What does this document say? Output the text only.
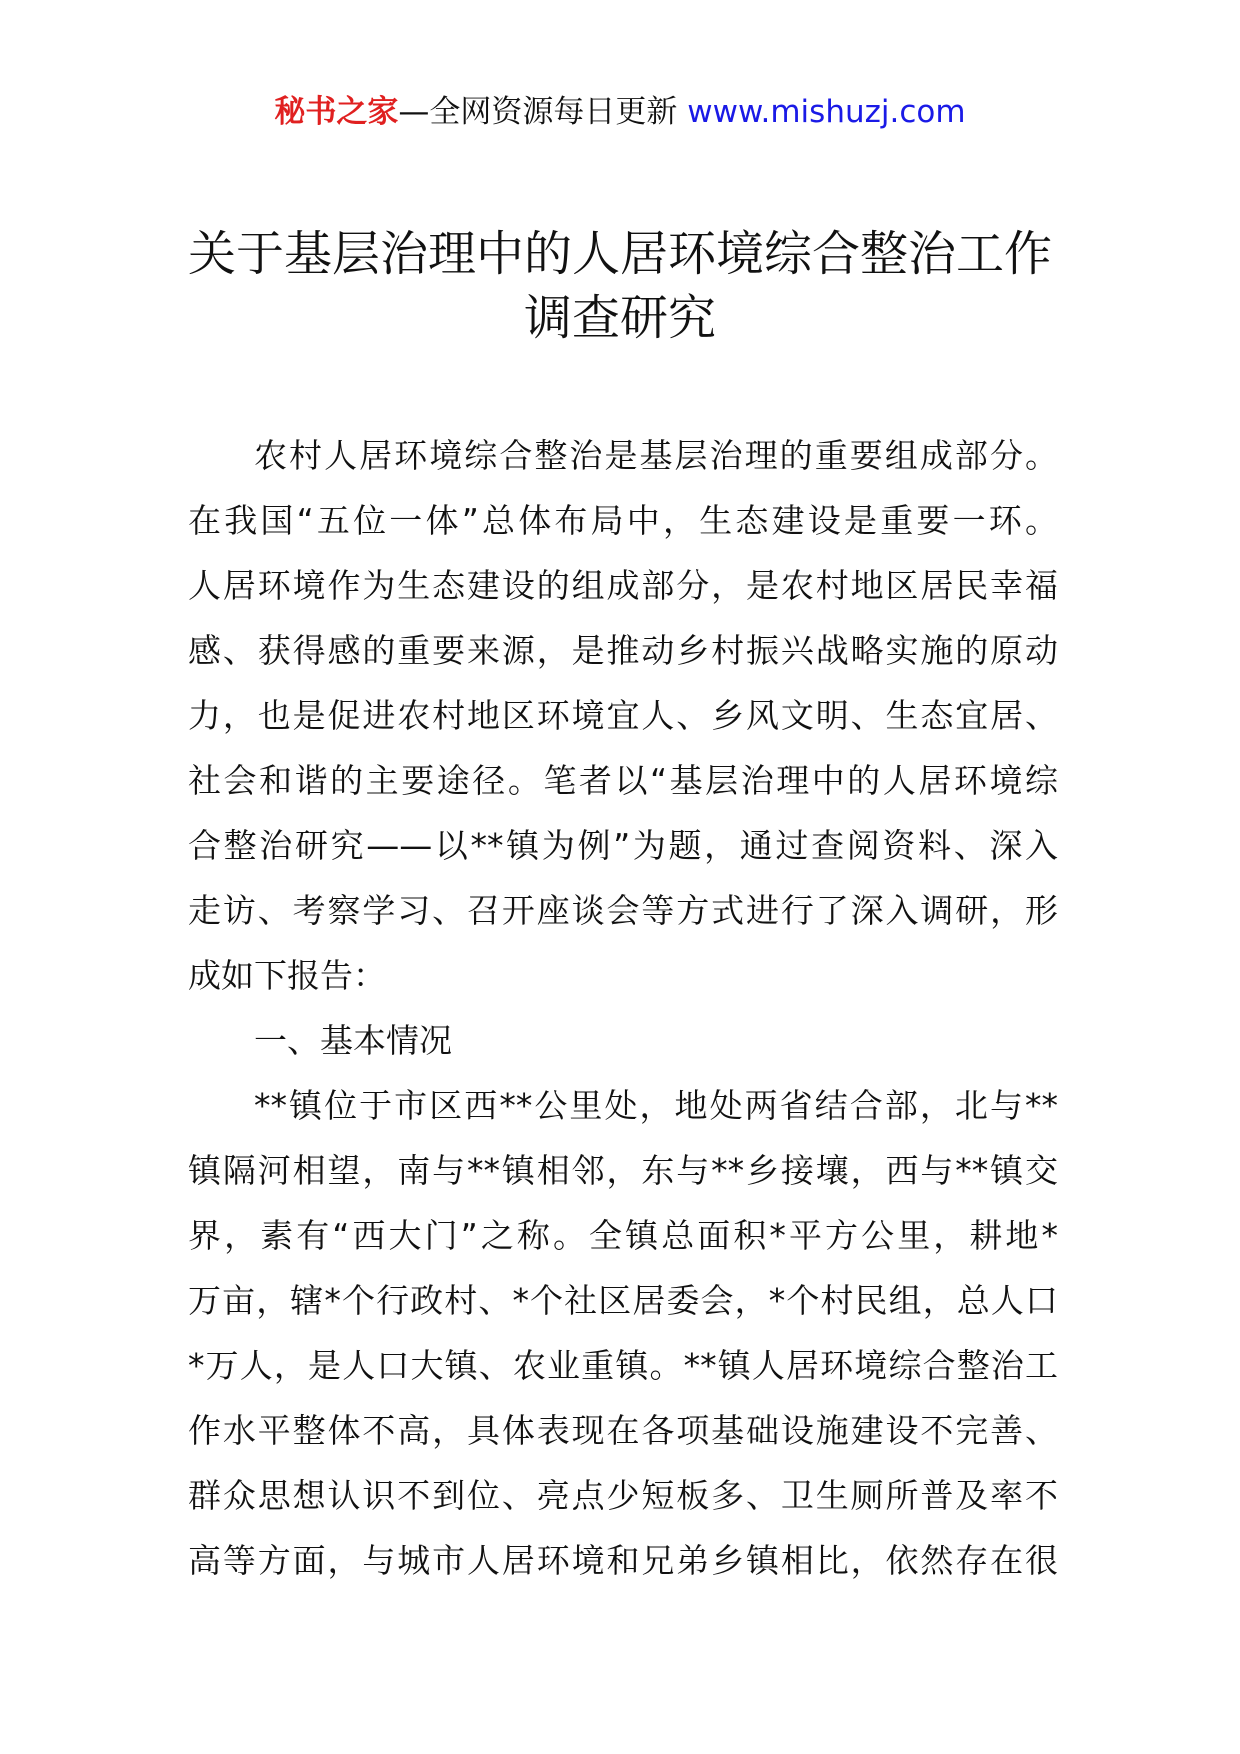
秘书之家—全网资源每日更新 www.mishuzj.com
关于基层治理中的人居环境综合整治工作
调查研究
农村人居环境综合整治是基层治理的重要组成部分。
在我国“五位一体”总体布局中，生态建设是重要一环。
人居环境作为生态建设的组成部分，是农村地区居民幸福
感、获得感的重要来源，是推动乡村振兴战略实施的原动
力，也是促进农村地区环境宜人、乡风文明、生态宜居、
社会和谐的主要途径。笔者以“基层治理中的人居环境综
合整治研究——以**镇为例”为题，通过查阅资料、深入
走访、考察学习、召开座谈会等方式进行了深入调研，形
成如下报告：
一、基本情况
**镇位于市区西**公里处，地处两省结合部，北与**
镇隔河相望，南与**镇相邻，东与**乡接壤，西与**镇交
界，素有“西大门”之称。全镇总面积*平方公里，耕地*
万亩，辖*个行政村、*个社区居委会，*个村民组，总人口
*万人，是人口大镇、农业重镇。**镇人居环境综合整治工
作水平整体不高，具体表现在各项基础设施建设不完善、
群众思想认识不到位、亮点少短板多、卫生厕所普及率不
高等方面，与城市人居环境和兄弟乡镇相比，依然存在很
